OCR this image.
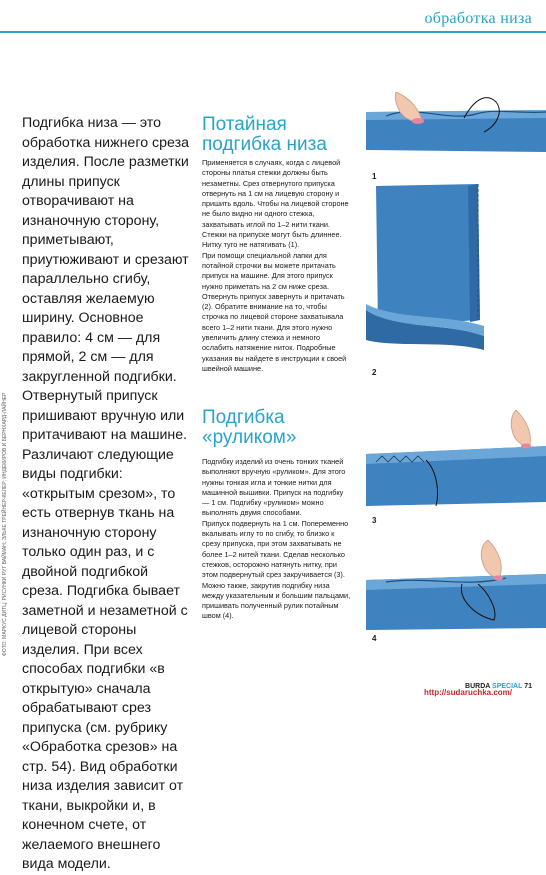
обработка низа
ФОТО: МАРКУС ДИТЦ; РИСУНКИ РУТ ВАЙМАН; ЭЛЬКЕ ТРЕЙНЕР-КЕЛЕР; ИНДЕКИРОВ И БЕРНХАРД-ЛАЙНЕР
Подгибка низа — это обработка нижнего среза изделия. После разметки длины припуск отворачивают на изнаночную сторону, приметывают, приутюживают и срезают параллельно сгибу, оставляя желаемую ширину. Основное правило: 4 см — для прямой, 2 см — для закругленной подгибки. Отвернутый припуск пришивают вручную или притачивают на машине. Различают следующие виды подгибки: «открытым срезом», то есть отвернув ткань на изнаночную сторону только один раз, и с двойной подгибкой среза. Подгибка бывает заметной и незаметной с лицевой стороны изделия. При всех способах подгибки «в открытую» сначала обрабатывают срез припуска (см. рубрику «Обработка срезов» на стр. 54). Вид обработки низа изделия зависит от ткани, выкройки и, в конечном счете, от желаемого внешнего вида модели.
Потайная
подгибка низа

Применяется в случаях, когда с лицевой стороны платья стежки должны быть незаметны. Срез отвернутого припуска отвернуть на 1 см на лицевую сторону и пришить вдоль. Чтобы на лицевой стороне не было видно ни одного стежка, захватывать иглой по 1–2 нити ткани. Стежки на припуске могут быть длиннее. Нитку туго не натягивать (1).

При помощи специальной лапки для потайной строчки вы можете притачать припуск на машине. Для этого припуск нужно приметать на 2 см ниже среза. Отвернуть припуск завернуть и притачать (2). Обратите внимание на то, чтобы строчка по лицевой стороне захватывала всего 1–2 нити ткани. Для этого нужно увеличить длину стежка и немного ослабить натяжение ниток. Подробные указания вы найдете в инструкции к своей швейной машине.

Подгибка
«руликом»

Подгибку изделий из очень тонких тканей выполняют вручную «руликом». Для этого нужны тонкая игла и тонкие нитки для машинной вышивки. Припуск на подгибку — 1 см. Подгибку «руликом» можно выполнять двумя способами.

Припуск подвернуть на 1 см. Попеременно вкалывать иглу то по сгибу, то близко к срезу припуска, при этом захватывать не более 1–2 нитей ткани. Сделав несколько стежков, осторожно натянуть нитку, при этом подвернутый срез закручивается (3). Можно также, закрутив подгибку низа между указательным и большим пальцами, пришивать полученный рулик потайным швом (4).

1
2
3
4
BURDA SPECIAL 71
http://sudaruchka.com/
